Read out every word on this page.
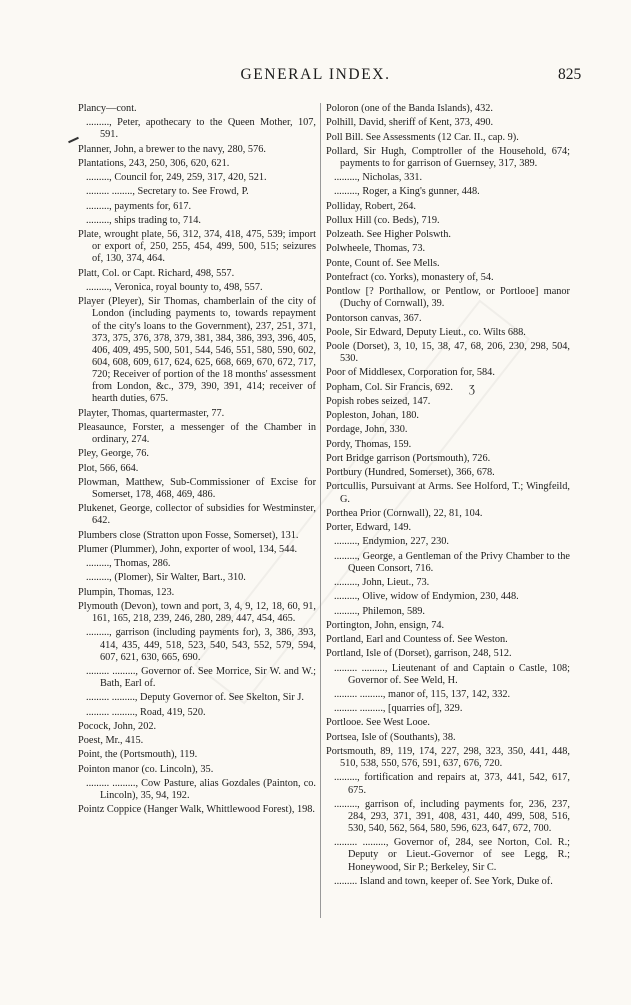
GENERAL INDEX.	825
Ʒ
Plancy—cont.
........., Peter, apothecary to the Queen Mother, 107, 591.
Planner, John, a brewer to the navy, 280, 576.
Plantations, 243, 250, 306, 620, 621.
........., Council for, 249, 259, 317, 420, 521.
......... ........, Secretary to. See Frowd, P.
........., payments for, 617.
........., ships trading to, 714.
Plate, wrought plate, 56, 312, 374, 418, 475, 539; import or export of, 250, 255, 454, 499, 500, 515; seizures of, 130, 374, 464.
Platt, Col. or Capt. Richard, 498, 557.
........., Veronica, royal bounty to, 498, 557.
Player (Pleyer), Sir Thomas, chamberlain of the city of London (including payments to, towards repayment of the city's loans to the Government), 237, 251, 371, 373, 375, 376, 378, 379, 381, 384, 386, 393, 396, 405, 406, 409, 495, 500, 501, 544, 546, 551, 580, 590, 602, 604, 608, 609, 617, 624, 625, 668, 669, 670, 672, 717, 720; Receiver of portion of the 18 months' assessment from London, &c., 379, 390, 391, 414; receiver of hearth duties, 675.
Playter, Thomas, quartermaster, 77.
Pleasaunce, Forster, a messenger of the Chamber in ordinary, 274.
Pley, George, 76.
Plot, 566, 664.
Plowman, Matthew, Sub-Commissioner of Excise for Somerset, 178, 468, 469, 486.
Plukenet, George, collector of subsidies for Westminster, 642.
Plumbers close (Stratton upon Fosse, Somerset), 131.
Plumer (Plummer), John, exporter of wool, 134, 544.
........., Thomas, 286.
........., (Plomer), Sir Walter, Bart., 310.
Plumpin, Thomas, 123.
Plymouth (Devon), town and port, 3, 4, 9, 12, 18, 60, 91, 161, 165, 218, 239, 246, 280, 289, 447, 454, 465.
........., garrison (including payments for), 3, 386, 393, 414, 435, 449, 518, 523, 540, 543, 552, 579, 594, 607, 621, 630, 665, 690.
......... ........., Governor of. See Morrice, Sir W. and W.; Bath, Earl of.
......... ........., Deputy Governor of. See Skelton, Sir J.
......... ........., Road, 419, 520.
Pocock, John, 202.
Poest, Mr., 415.
Point, the (Portsmouth), 119.
Pointon manor (co. Lincoln), 35.
......... ........., Cow Pasture, alias Gozdales (Painton, co. Lincoln), 35, 94, 192.
Pointz Coppice (Hanger Walk, Whittlewood Forest), 198.
Poloron (one of the Banda Islands), 432.
Polhill, David, sheriff of Kent, 373, 490.
Poll Bill. See Assessments (12 Car. II., cap. 9).
Pollard, Sir Hugh, Comptroller of the Household, 674; payments to for garrison of Guernsey, 317, 389.
........., Nicholas, 331.
........., Roger, a King's gunner, 448.
Polliday, Robert, 264.
Pollux Hill (co. Beds), 719.
Polzeath. See Higher Polswth.
Polwheele, Thomas, 73.
Ponte, Count of. See Mells.
Pontefract (co. Yorks), monastery of, 54.
Pontlow [? Porthallow, or Pentlow, or Portlooe] manor (Duchy of Cornwall), 39.
Pontorson canvas, 367.
Poole, Sir Edward, Deputy Lieut., co. Wilts 688.
Poole (Dorset), 3, 10, 15, 38, 47, 68, 206, 230, 298, 504, 530.
Poor of Middlesex, Corporation for, 584.
Popham, Col. Sir Francis, 692.
Popish robes seized, 147.
Popleston, Johan, 180.
Pordage, John, 330.
Pordy, Thomas, 159.
Port Bridge garrison (Portsmouth), 726.
Portbury (Hundred, Somerset), 366, 678.
Portcullis, Pursuivant at Arms. See Holford, T.; Wingfeild, G.
Porthea Prior (Cornwall), 22, 81, 104.
Porter, Edward, 149.
........., Endymion, 227, 230.
........., George, a Gentleman of the Privy Chamber to the Queen Consort, 716.
........., John, Lieut., 73.
........., Olive, widow of Endymion, 230, 448.
........., Philemon, 589.
Portington, John, ensign, 74.
Portland, Earl and Countess of. See Weston.
Portland, Isle of (Dorset), garrison, 248, 512.
......... ........., Lieutenant of and Captain o Castle, 108; Governor of. See Weld, H.
......... ........., manor of, 115, 137, 142, 332.
......... ........., [quarries of], 329.
Portlooe. See West Looe.
Portsea, Isle of (Southants), 38.
Portsmouth, 89, 119, 174, 227, 298, 323, 350, 441, 448, 510, 538, 550, 576, 591, 637, 676, 720.
........., fortification and repairs at, 373, 441, 542, 617, 675.
........., garrison of, including payments for, 236, 237, 284, 293, 371, 391, 408, 431, 440, 499, 508, 516, 530, 540, 562, 564, 580, 596, 623, 647, 672, 700.
......... ........., Governor of, 284, see Norton, Col. R.; Deputy or Lieut.-Governor of see Legg, R.; Honeywood, Sir P.; Berkeley, Sir C.
......... Island and town, keeper of. See York, Duke of.
